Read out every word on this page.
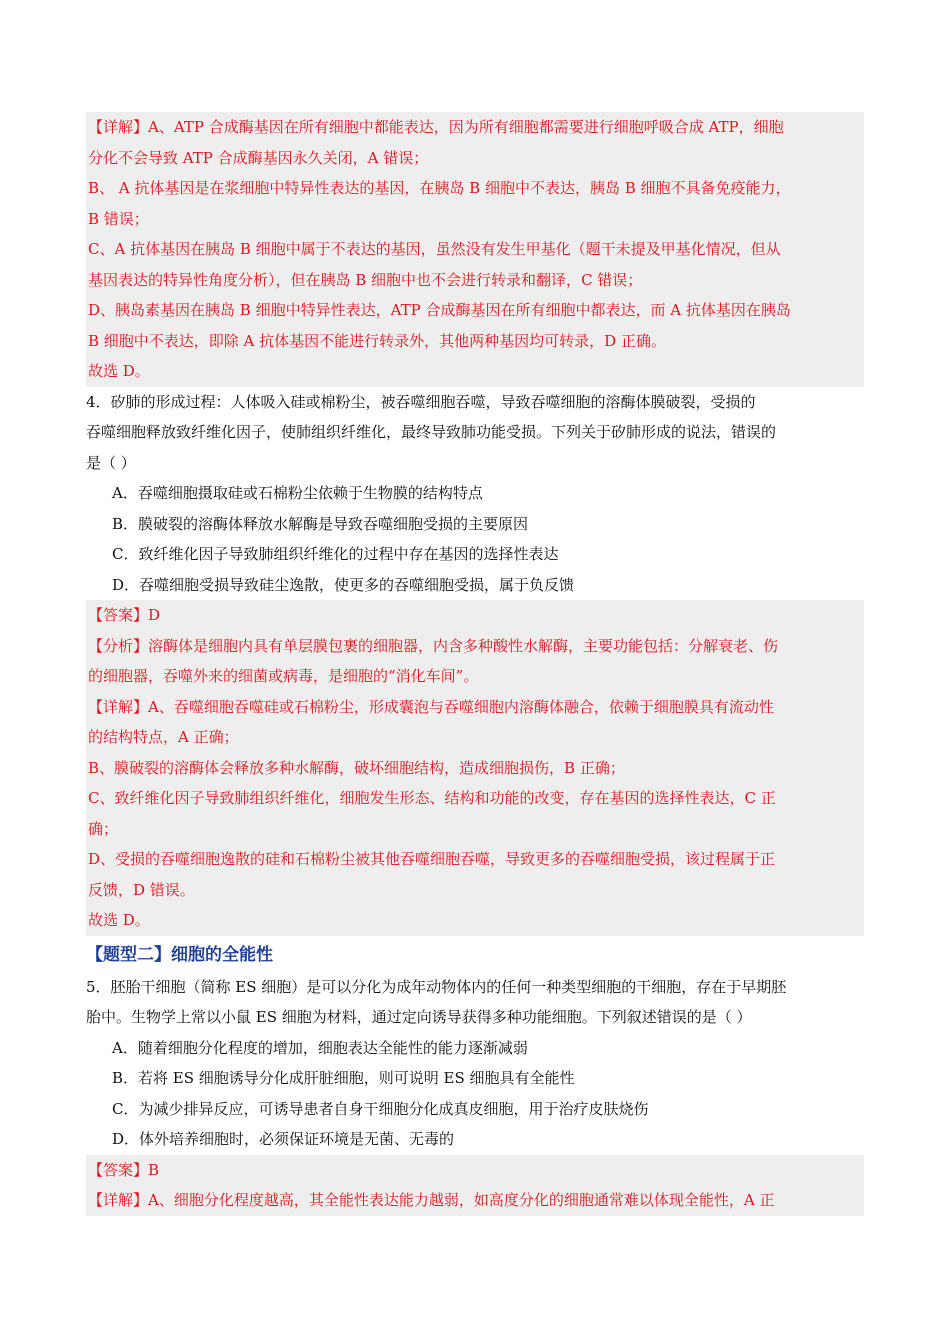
【详解】A、ATP 合成酶基因在所有细胞中都能表达，因为所有细胞都需要进行细胞呼吸合成 ATP，细胞
分化不会导致 ATP 合成酶基因永久关闭，A 错误；
B、 A 抗体基因是在浆细胞中特异性表达的基因，在胰岛 B 细胞中不表达，胰岛 B 细胞不具备免疫能力，
B 错误；
C、A 抗体基因在胰岛 B 细胞中属于不表达的基因，虽然没有发生甲基化（题干未提及甲基化情况，但从
基因表达的特异性角度分析），但在胰岛 B 细胞中也不会进行转录和翻译，C 错误；
D、胰岛素基因在胰岛 B 细胞中特异性表达，ATP 合成酶基因在所有细胞中都表达，而 A 抗体基因在胰岛
B 细胞中不表达，即除 A 抗体基因不能进行转录外，其他两种基因均可转录，D 正确。
故选 D。
4．矽肺的形成过程：人体吸入硅或棉粉尘，被吞噬细胞吞噬，导致吞噬细胞的溶酶体膜破裂，受损的
吞噬细胞释放致纤维化因子，使肺组织纤维化，最终导致肺功能受损。下列关于矽肺形成的说法，错误的
是（ ）
A．吞噬细胞摄取硅或石棉粉尘依赖于生物膜的结构特点
B．膜破裂的溶酶体释放水解酶是导致吞噬细胞受损的主要原因
C．致纤维化因子导致肺组织纤维化的过程中存在基因的选择性表达
D．吞噬细胞受损导致硅尘逸散，使更多的吞噬细胞受损，属于负反馈
【答案】D
【分析】溶酶体是细胞内具有单层膜包裹的细胞器，内含多种酸性水解酶，主要功能包括：分解衰老、伤
的细胞器，吞噬外来的细菌或病毒，是细胞的“消化车间”。
【详解】A、吞噬细胞吞噬硅或石棉粉尘，形成囊泡与吞噬细胞内溶酶体融合，依赖于细胞膜具有流动性
的结构特点，A 正确；
B、膜破裂的溶酶体会释放多种水解酶，破坏细胞结构，造成细胞损伤，B 正确；
C、致纤维化因子导致肺组织纤维化，细胞发生形态、结构和功能的改变，存在基因的选择性表达，C 正
确；
D、受损的吞噬细胞逸散的硅和石棉粉尘被其他吞噬细胞吞噬，导致更多的吞噬细胞受损，该过程属于正
反馈，D 错误。
故选 D。
【题型二】细胞的全能性
5．胚胎干细胞（简称 ES 细胞）是可以分化为成年动物体内的任何一种类型细胞的干细胞，存在于早期胚
胎中。生物学上常以小鼠 ES 细胞为材料，通过定向诱导获得多种功能细胞。下列叙述错误的是（ ）
A．随着细胞分化程度的增加，细胞表达全能性的能力逐渐减弱
B．若将 ES 细胞诱导分化成肝脏细胞，则可说明 ES 细胞具有全能性
C．为减少排异反应，可诱导患者自身干细胞分化成真皮细胞，用于治疗皮肤烧伤
D．体外培养细胞时，必须保证环境是无菌、无毒的
【答案】B
【详解】A、细胞分化程度越高，其全能性表达能力越弱，如高度分化的细胞通常难以体现全能性，A 正
